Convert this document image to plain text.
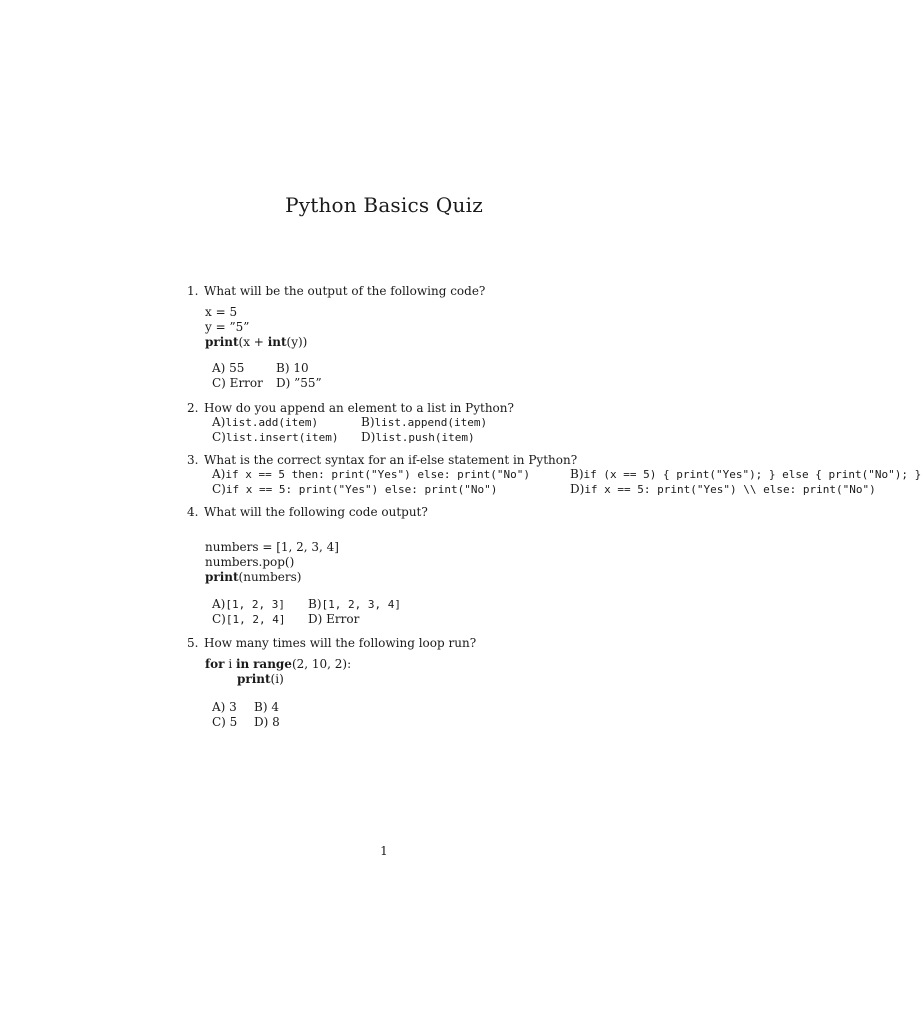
Python Basics Quiz
1. What will be the output of the following code?
x = 5
y = ”5”
print(x + int(y))
A) 55	B) 10
C) Error D) ”55”
2. How do you append an element to a list in Python?
A)list.add(item)	B)list.append(item)
C)list.insert(item) D)list.push(item)
3. What is the correct syntax for an if-else statement in Python?
A)if x == 5 then: print("Yes") else: print("No")	B)if (x == 5) { print("Yes"); } else { print("No"); }
C)if x == 5: print("Yes") else: print("No")	D)if x == 5: print("Yes") \\ else: print("No")
4. What will the following code output?
numbers = [1, 2, 3, 4]
numbers.pop()
print(numbers)
A)[1, 2, 3] B)[1, 2, 3, 4]
C)[1, 2, 4] D) Error
5. How many times will the following loop run?
for i in range(2, 10, 2):
print(i)
A) 3 B) 4
C) 5 D) 8
1
